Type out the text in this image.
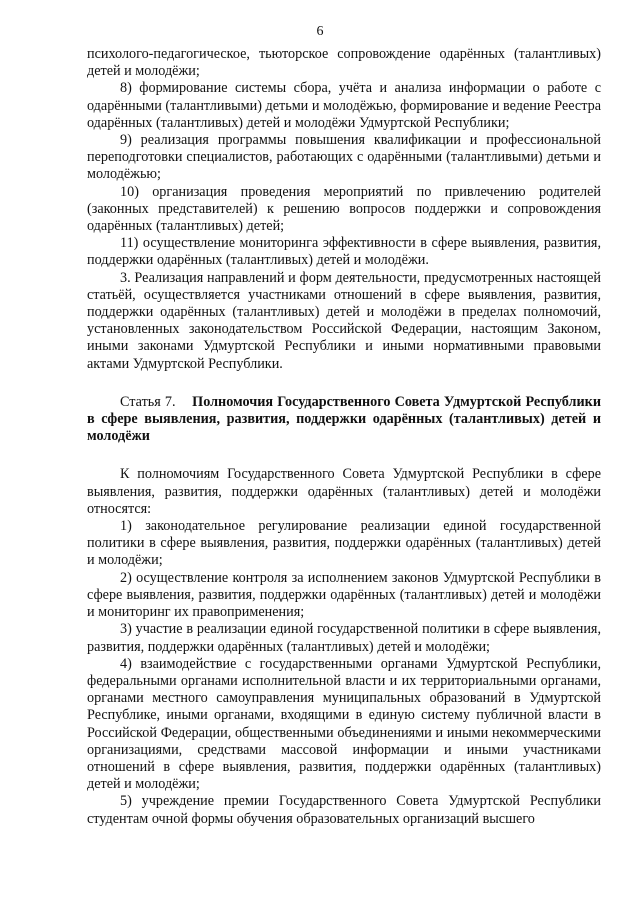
6

психолого-педагогическое, тьюторское сопровождение одарённых (талантливых) детей и молодёжи;

8) формирование системы сбора, учёта и анализа информации о работе с одарёнными (талантливыми) детьми и молодёжью, формирование и ведение Реестра одарённых (талантливых) детей и молодёжи Удмуртской Республики;

9) реализация программы повышения квалификации и профессиональной переподготовки специалистов, работающих с одарёнными (талантливыми) детьми и молодёжью;

10) организация проведения мероприятий по привлечению родителей (законных представителей) к решению вопросов поддержки и сопровождения одарённых (талантливых) детей;

11) осуществление мониторинга эффективности в сфере выявления, развития, поддержки одарённых (талантливых) детей и молодёжи.

3. Реализация направлений и форм деятельности, предусмотренных настоящей статьёй, осуществляется участниками отношений в сфере выявления, развития, поддержки одарённых (талантливых) детей и молодёжи в пределах полномочий, установленных законодательством Российской Федерации, настоящим Законом, иными законами Удмуртской Республики и иными нормативными правовыми актами Удмуртской Республики.

Статья 7. Полномочия Государственного Совета Удмуртской Республики в сфере выявления, развития, поддержки одарённых (талантливых) детей и молодёжи

К полномочиям Государственного Совета Удмуртской Республики в сфере выявления, развития, поддержки одарённых (талантливых) детей и молодёжи относятся:

1) законодательное регулирование реализации единой государственной политики в сфере выявления, развития, поддержки одарённых (талантливых) детей и молодёжи;

2) осуществление контроля за исполнением законов Удмуртской Республики в сфере выявления, развития, поддержки одарённых (талантливых) детей и молодёжи и мониторинг их правоприменения;

3) участие в реализации единой государственной политики в сфере выявления, развития, поддержки одарённых (талантливых) детей и молодёжи;

4) взаимодействие с государственными органами Удмуртской Республики, федеральными органами исполнительной власти и их территориальными органами, органами местного самоуправления муниципальных образований в Удмуртской Республике, иными органами, входящими в единую систему публичной власти в Российской Федерации, общественными объединениями и иными некоммерческими организациями, средствами массовой информации и иными участниками отношений в сфере выявления, развития, поддержки одарённых (талантливых) детей и молодёжи;

5) учреждение премии Государственного Совета Удмуртской Республики студентам очной формы обучения образовательных организаций высшего
